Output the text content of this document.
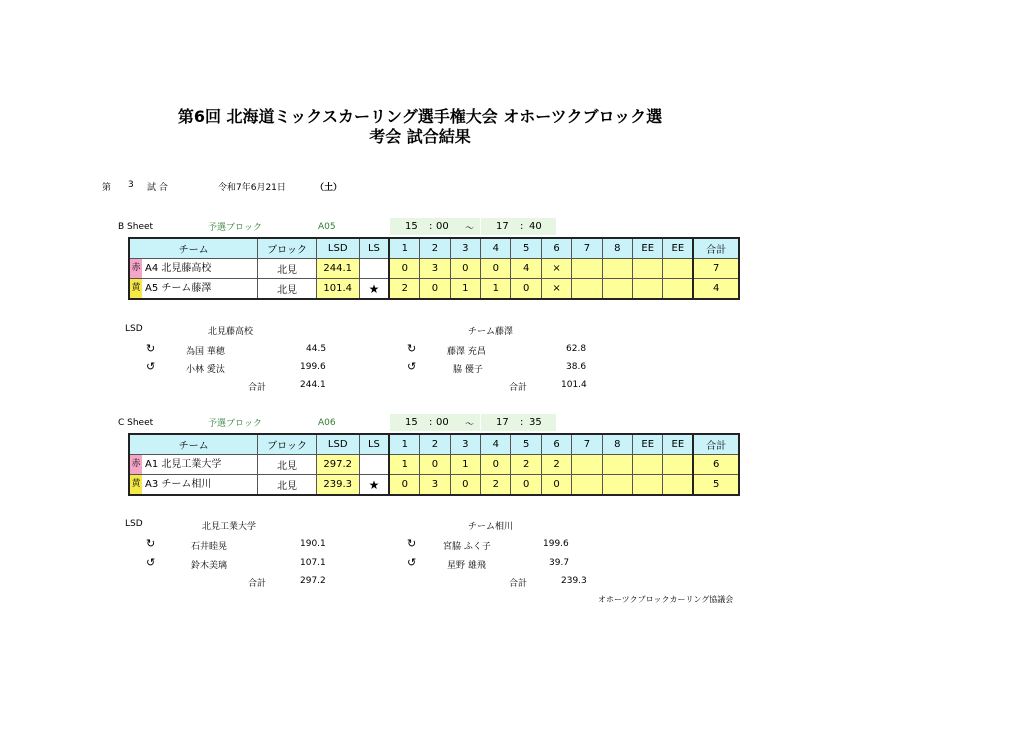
第6回 北海道ミックスカーリング選手権大会 オホーツクブロック選
考会 試合結果
第 3 試 合	令和7年6月21日	（土）
B Sheet	予選ブロック	A05	15 : 00 〜 17 : 40
チーム	ブロック	LSD	LS	1	2	3	4	5	6	7	8	EE	EE	合計
赤 A4 北見藤高校	北見	244.1		0	3	0	0	4	×					7
黄 A5 チーム藤澤	北見	101.4	★	2	0	1	1	0	×					4
LSD	北見藤高校	チーム藤澤
↻	為国 華穂	44.5
↺	小林 愛汰	199.6
↻	藤澤 充昌	62.8
↺	脇 優子	38.6
合計	244.1	合計	101.4
C Sheet	予選ブロック	A06	15 : 00 〜 17 : 35
チーム	ブロック	LSD	LS	1	2	3	4	5	6	7	8	EE	EE	合計
赤 A1 北見工業大学	北見	297.2		1	0	1	0	2	2					6
黄 A3 チーム相川	北見	239.3	★	0	3	0	2	0	0					5
LSD	北見工業大学	チーム相川
↻	石井睦晃	190.1
↺	鈴木美璃	107.1
↻	宮脇 ふく子	199.6
↺	星野 雄飛	39.7
合計	297.2	合計	239.3
オホーツクブロックカーリング協議会
